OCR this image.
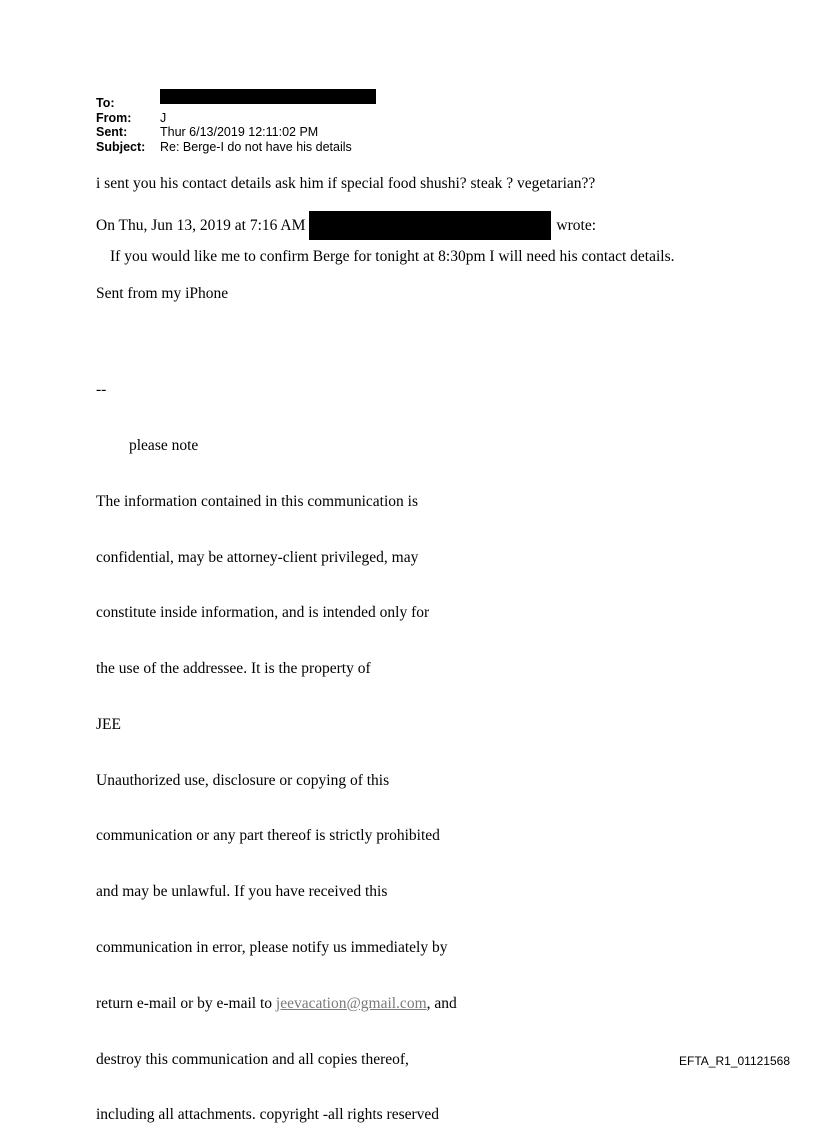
To:
From:	J
Sent:	Thur 6/13/2019 12:11:02 PM
Subject:	Re: Berge-I do not have his details
i sent you his contact details ask him if special food shushi? steak ? vegetarian??
On Thu, Jun 13, 2019 at 7:16 AM	wrote:
If you would like me to confirm Berge for tonight at 8:30pm I will need his contact details.
Sent from my iPhone

--

please note

The information contained in this communication is

confidential, may be attorney-client privileged, may

constitute inside information, and is intended only for

the use of the addressee. It is the property of

JEE

Unauthorized use, disclosure or copying of this

communication or any part thereof is strictly prohibited

and may be unlawful. If you have received this

communication in error, please notify us immediately by

return e-mail or by e-mail to jeevacation@gmail.com, and

destroy this communication and all copies thereof,

including all attachments. copyright -all rights reserved

EFTA_R1_01121568
